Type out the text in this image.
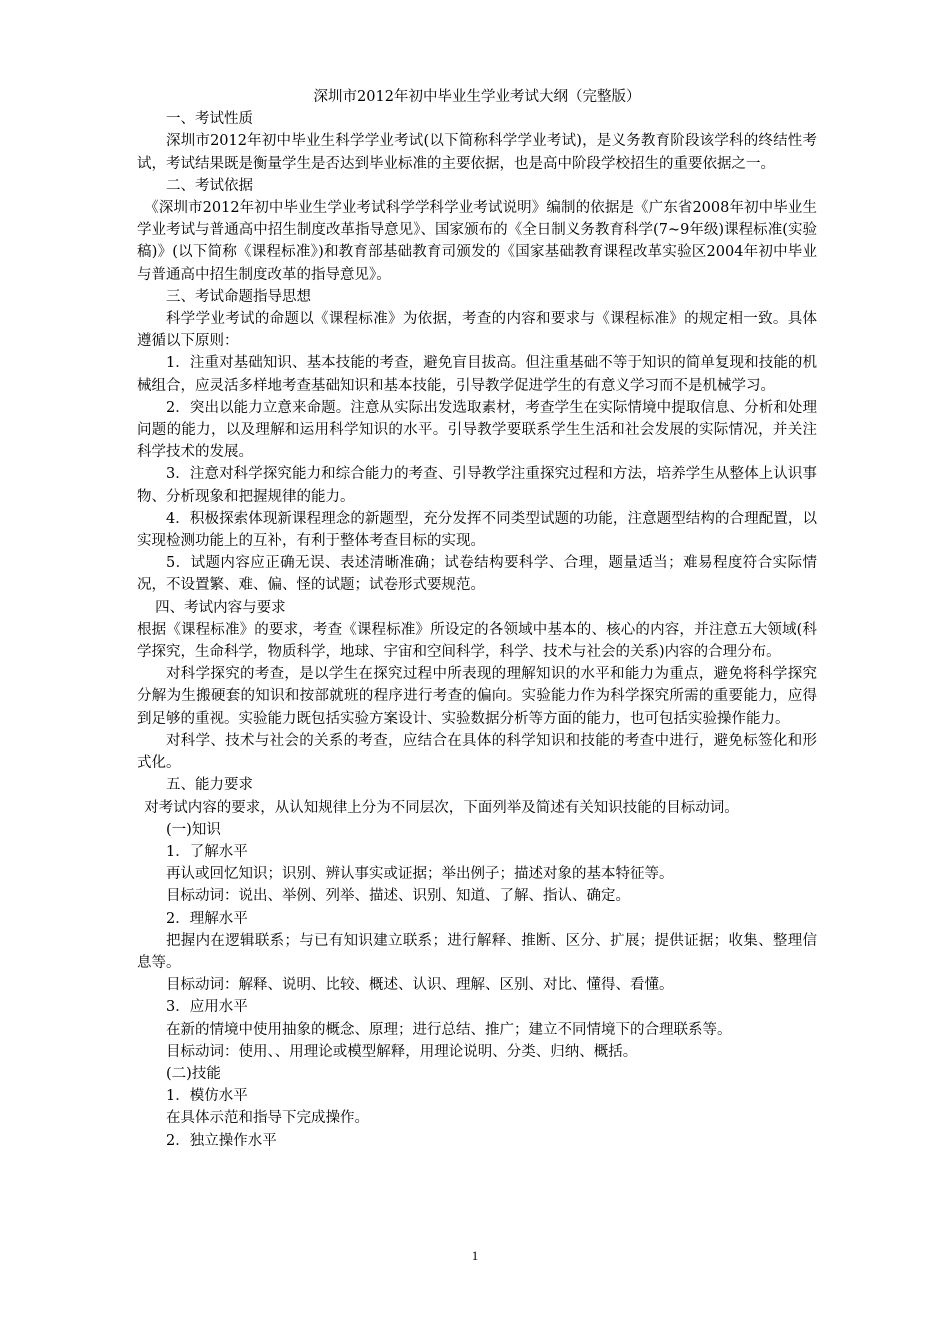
深圳市2012年初中毕业生学业考试大纲（完整版）

一、考试性质

深圳市2012年初中毕业生科学学业考试(以下简称科学学业考试)，是义务教育阶段该学科的终结性考试，考试结果既是衡量学生是否达到毕业标准的主要依据，也是高中阶段学校招生的重要依据之一。

二、考试依据

《深圳市2012年初中毕业生学业考试科学学科学业考试说明》编制的依据是《广东省2008年初中毕业生学业考试与普通高中招生制度改革指导意见》、国家颁布的《全日制义务教育科学(7~9年级)课程标准(实验稿)》(以下简称《课程标准》)和教育部基础教育司颁发的《国家基础教育课程改革实验区2004年初中毕业与普通高中招生制度改革的指导意见》。

三、考试命题指导思想

科学学业考试的命题以《课程标准》为依据，考查的内容和要求与《课程标准》的规定相一致。具体遵循以下原则：

1．注重对基础知识、基本技能的考查，避免盲目拔高。但注重基础不等于知识的简单复现和技能的机械组合，应灵活多样地考查基础知识和基本技能，引导教学促进学生的有意义学习而不是机械学习。

2．突出以能力立意来命题。注意从实际出发选取素材，考查学生在实际情境中提取信息、分析和处理问题的能力，以及理解和运用科学知识的水平。引导教学要联系学生生活和社会发展的实际情况，并关注科学技术的发展。

3．注意对科学探究能力和综合能力的考查、引导教学注重探究过程和方法，培养学生从整体上认识事物、分析现象和把握规律的能力。

4．积极探索体现新课程理念的新题型，充分发挥不同类型试题的功能，注意题型结构的合理配置，以实现检测功能上的互补，有利于整体考查目标的实现。

5．试题内容应正确无误、表述清晰准确；试卷结构要科学、合理，题量适当；难易程度符合实际情况，不设置繁、难、偏、怪的试题；试卷形式要规范。

四、考试内容与要求

根据《课程标准》的要求，考查《课程标准》所设定的各领域中基本的、核心的内容，并注意五大领域(科学探究，生命科学，物质科学，地球、宇宙和空间科学，科学、技术与社会的关系)内容的合理分布。

对科学探究的考查，是以学生在探究过程中所表现的理解知识的水平和能力为重点，避免将科学探究分解为生搬硬套的知识和按部就班的程序进行考查的偏向。实验能力作为科学探究所需的重要能力，应得到足够的重视。实验能力既包括实验方案设计、实验数据分析等方面的能力，也可包括实验操作能力。

对科学、技术与社会的关系的考查，应结合在具体的科学知识和技能的考查中进行，避免标签化和形式化。

五、能力要求

对考试内容的要求，从认知规律上分为不同层次，下面列举及简述有关知识技能的目标动词。

(一)知识

1．了解水平

再认或回忆知识；识别、辨认事实或证据；举出例子；描述对象的基本特征等。

目标动词：说出、举例、列举、描述、识别、知道、了解、指认、确定。

2．理解水平

把握内在逻辑联系；与已有知识建立联系；进行解释、推断、区分、扩展；提供证据；收集、整理信息等。

目标动词：解释、说明、比较、概述、认识、理解、区别、对比、懂得、看懂。

3．应用水平

在新的情境中使用抽象的概念、原理；进行总结、推广；建立不同情境下的合理联系等。

目标动词：使用、、用理论或模型解释，用理论说明、分类、归纳、概括。

(二)技能

1．模仿水平

在具体示范和指导下完成操作。

2．独立操作水平

1
